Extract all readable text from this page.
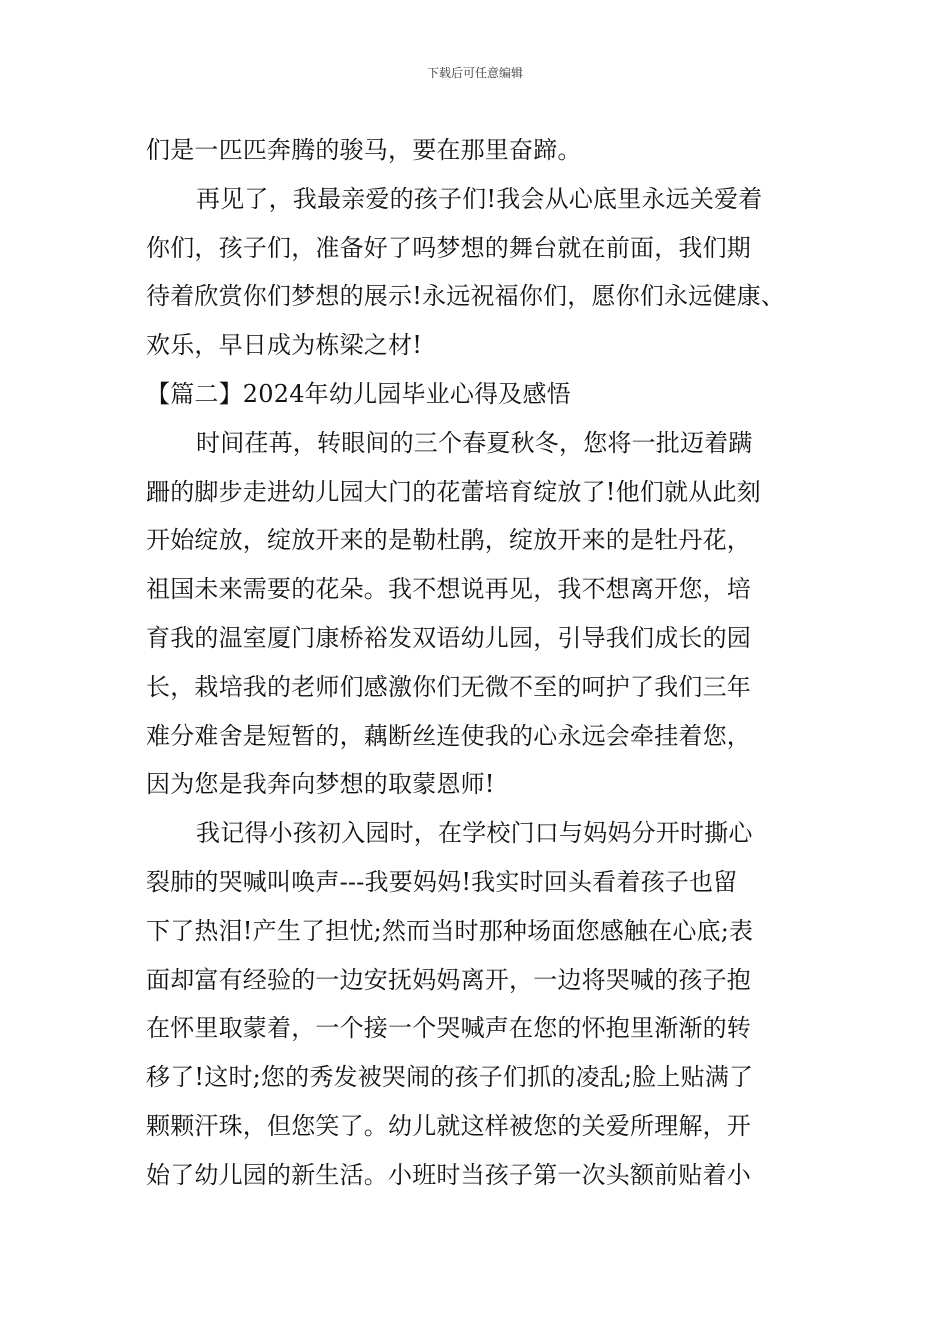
下载后可任意编辑
们是一匹匹奔腾的骏马，要在那里奋蹄。
再见了，我最亲爱的孩子们!我会从心底里永远关爱着
你们，孩子们，准备好了吗梦想的舞台就在前面，我们期
待着欣赏你们梦想的展示!永远祝福你们，愿你们永远健康、
欢乐，早日成为栋梁之材!
【篇二】2024年幼儿园毕业心得及感悟
时间荏苒，转眼间的三个春夏秋冬，您将一批迈着蹒
跚的脚步走进幼儿园大门的花蕾培育绽放了!他们就从此刻
开始绽放，绽放开来的是勒杜鹃，绽放开来的是牡丹花，
祖国未来需要的花朵。我不想说再见，我不想离开您，培
育我的温室厦门康桥裕发双语幼儿园，引导我们成长的园
长，栽培我的老师们感激你们无微不至的呵护了我们三年
难分难舍是短暂的，藕断丝连使我的心永远会牵挂着您，
因为您是我奔向梦想的取蒙恩师!
我记得小孩初入园时，在学校门口与妈妈分开时撕心
裂肺的哭喊叫唤声---我要妈妈!我实时回头看着孩子也留
下了热泪!产生了担忧;然而当时那种场面您感触在心底;表
面却富有经验的一边安抚妈妈离开，一边将哭喊的孩子抱
在怀里取蒙着，一个接一个哭喊声在您的怀抱里渐渐的转
移了!这时;您的秀发被哭闹的孩子们抓的凌乱;脸上贴满了
颗颗汗珠，但您笑了。幼儿就这样被您的关爱所理解，开
始了幼儿园的新生活。小班时当孩子第一次头额前贴着小
